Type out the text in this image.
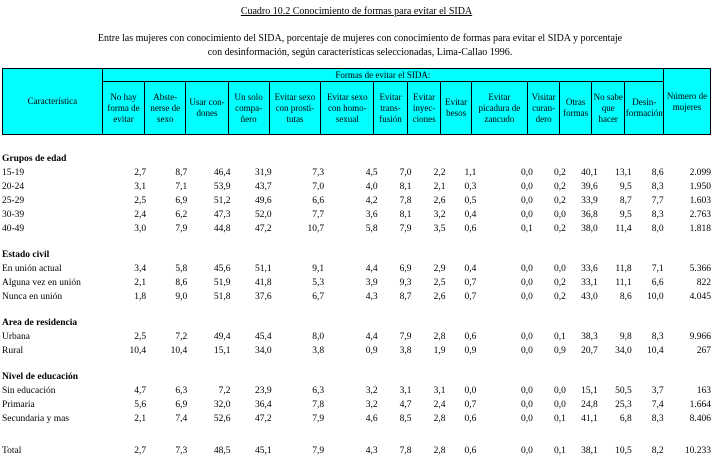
Cuadro 10.2 Conocimiento de formas para evitar el SIDA
Entre las mujeres con conocimiento del SIDA, porcentaje de mujeres con conocimiento de formas para evitar el SIDA y porcentaje
con desinformación, según características seleccionadas, Lima-Callao 1996.
Característica	Formas de evitar el SIDA:														Número de mujeres
	No hay forma de evitar	Abste-nerse de sexo	Usar con-dones	Un solo compa-ñero	Evitar sexo con prosti-tutas	Evitar sexo con homo-sexual	Evitar trans-fusión	Evitar inyec-ciones	Evitar besos	Evitar picadura de zancudo	Visitar curan-dero	Otras formas	No sabe que hacer	Desin-formación	
Grupos de edad															
15-19	2,7	8,7	46,4	31,9	7,3	4,5	7,0	2,2	1,1	0,0	0,2	40,1	13,1	8,6	2.099
20-24	3,1	7,1	53,9	43,7	7,0	4,0	8,1	2,1	0,3	0,0	0,2	39,6	9,5	8,3	1.950
25-29	2,5	6,9	51,2	49,6	6,6	4,2	7,8	2,6	0,5	0,0	0,2	33,9	8,7	7,7	1.603
30-39	2,4	6,2	47,3	52,0	7,7	3,6	8,1	3,2	0,4	0,0	0,0	36,8	9,5	8,3	2.763
40-49	3,0	7,9	44,8	47,2	10,7	5,8	7,9	3,5	0,6	0,1	0,2	38,0	11,4	8,0	1.818

Estado civil															
En unión actual	3,4	5,8	45,6	51,1	9,1	4,4	6,9	2,9	0,4	0,0	0,0	33,6	11,8	7,1	5.366
Alguna vez en unión	2,1	8,6	51,9	41,8	5,3	3,9	9,3	2,5	0,7	0,0	0,2	33,1	11,1	6,6	822
Nunca en unión	1,8	9,0	51,8	37,6	6,7	4,3	8,7	2,6	0,7	0,0	0,2	43,0	8,6	10,0	4.045

Area de residencia															
Urbana	2,5	7,2	49,4	45,4	8,0	4,4	7,9	2,8	0,6	0,0	0,1	38,3	9,8	8,3	9.966
Rural	10,4	10,4	15,1	34,0	3,8	0,9	3,8	1,9	0,9	0,0	0,9	20,7	34,0	10,4	267

Nivel de educación															
Sin educación	4,7	6,3	7,2	23,9	6,3	3,2	3,1	3,1	0,0	0,0	0,0	15,1	50,5	3,7	163
Primaria	5,6	6,9	32,0	36,4	7,8	3,2	4,7	2,4	0,7	0,0	0,0	24,8	25,3	7,4	1.664
Secundaria y mas	2,1	7,4	52,6	47,2	7,9	4,6	8,5	2,8	0,6	0,0	0,1	41,1	6,8	8,3	8.406

Total	2,7	7,3	48,5	45,1	7,9	4,3	7,8	2,8	0,6	0,0	0,1	38,1	10,5	8,2	10.233
